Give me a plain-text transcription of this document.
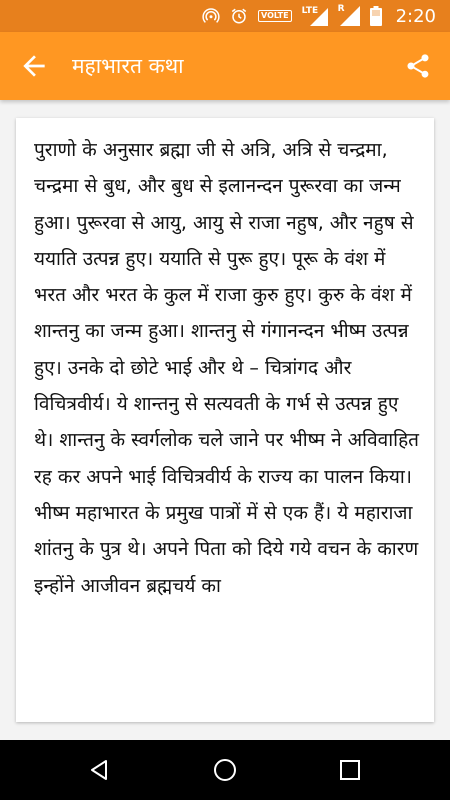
VOLTE	LTE R	2:20
महाभारत कथा

पुराणो के अनुसार ब्रह्मा जी से अत्रि, अत्रि से चन्द्रमा, चन्द्रमा से बुध, और बुध से इलानन्दन पुरूरवा का जन्म हुआ। पुरूरवा से आयु, आयु से राजा नहुष, और नहुष से ययाति उत्पन्न हुए। ययाति से पुरू हुए। पूरू के वंश में भरत और भरत के कुल में राजा कुरु हुए। कुरु के वंश में शान्तनु का जन्म हुआ। शान्तनु से गंगानन्दन भीष्म उत्पन्न हुए। उनके दो छोटे भाई और थे – चित्रांगद और विचित्रवीर्य। ये शान्तनु से सत्यवती के गर्भ से उत्पन्न हुए थे। शान्तनु के स्वर्गलोक चले जाने पर भीष्म ने अविवाहित रह कर अपने भाई विचित्रवीर्य के राज्य का पालन किया। भीष्म महाभारत के प्रमुख पात्रों में से एक हैं। ये महाराजा शांतनु के पुत्र थे। अपने पिता को दिये गये वचन के कारण इन्होंने आजीवन ब्रह्मचर्य का
